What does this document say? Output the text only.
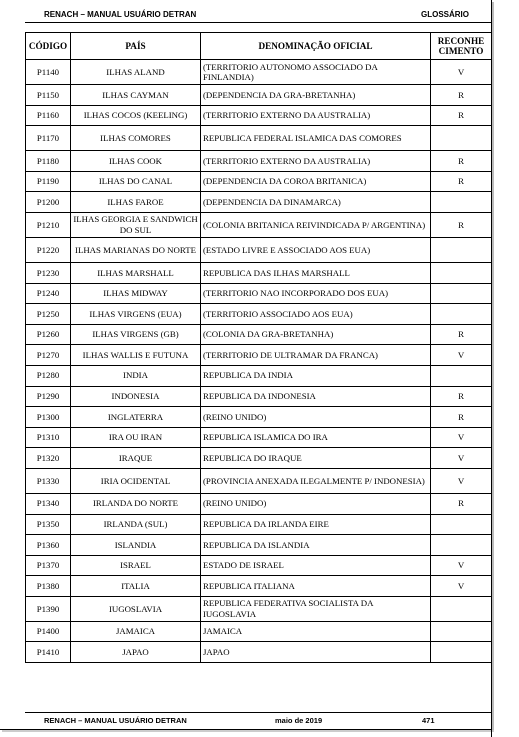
RENACH – MANUAL USUÁRIO DETRAN	GLOSSÁRIO
CÓDIGO	PAÍS	DENOMINAÇÃO OFICIAL	RECONHE CIMENTO
P1140	ILHAS ALAND	(TERRITORIO AUTONOMO ASSOCIADO DA FINLANDIA)	V
P1150	ILHAS CAYMAN	(DEPENDENCIA DA GRA-BRETANHA)	R
P1160	ILHAS COCOS (KEELING)	(TERRITORIO EXTERNO DA AUSTRALIA)	R
P1170	ILHAS COMORES	REPUBLICA FEDERAL ISLAMICA DAS COMORES	
P1180	ILHAS COOK	(TERRITORIO EXTERNO DA AUSTRALIA)	R
P1190	ILHAS DO CANAL	(DEPENDENCIA DA COROA BRITANICA)	R
P1200	ILHAS FAROE	(DEPENDENCIA DA DINAMARCA)	
P1210	ILHAS GEORGIA E SANDWICH DO SUL	(COLONIA BRITANICA REIVINDICADA P/ ARGENTINA)	R
P1220	ILHAS MARIANAS DO NORTE	(ESTADO LIVRE E ASSOCIADO AOS EUA)	
P1230	ILHAS MARSHALL	REPUBLICA DAS ILHAS MARSHALL	
P1240	ILHAS MIDWAY	(TERRITORIO NAO INCORPORADO DOS EUA)	
P1250	ILHAS VIRGENS (EUA)	(TERRITORIO ASSOCIADO AOS EUA)	
P1260	ILHAS VIRGENS (GB)	(COLONIA DA GRA-BRETANHA)	R
P1270	ILHAS WALLIS E FUTUNA	(TERRITORIO DE ULTRAMAR DA FRANCA)	V
P1280	INDIA	REPUBLICA DA INDIA	
P1290	INDONESIA	REPUBLICA DA INDONESIA	R
P1300	INGLATERRA	(REINO UNIDO)	R
P1310	IRA OU IRAN	REPUBLICA ISLAMICA DO IRA	V
P1320	IRAQUE	REPUBLICA DO IRAQUE	V
P1330	IRIA OCIDENTAL	(PROVINCIA ANEXADA ILEGALMENTE P/ INDONESIA)	V
P1340	IRLANDA DO NORTE	(REINO UNIDO)	R
P1350	IRLANDA (SUL)	REPUBLICA DA IRLANDA EIRE	
P1360	ISLANDIA	REPUBLICA DA ISLANDIA	
P1370	ISRAEL	ESTADO DE ISRAEL	V
P1380	ITALIA	REPUBLICA ITALIANA	V
P1390	IUGOSLAVIA	REPUBLICA FEDERATIVA SOCIALISTA DA IUGOSLAVIA	
P1400	JAMAICA	JAMAICA	
P1410	JAPAO	JAPAO	
RENACH – MANUAL USUÁRIO DETRAN	maio de 2019	471
